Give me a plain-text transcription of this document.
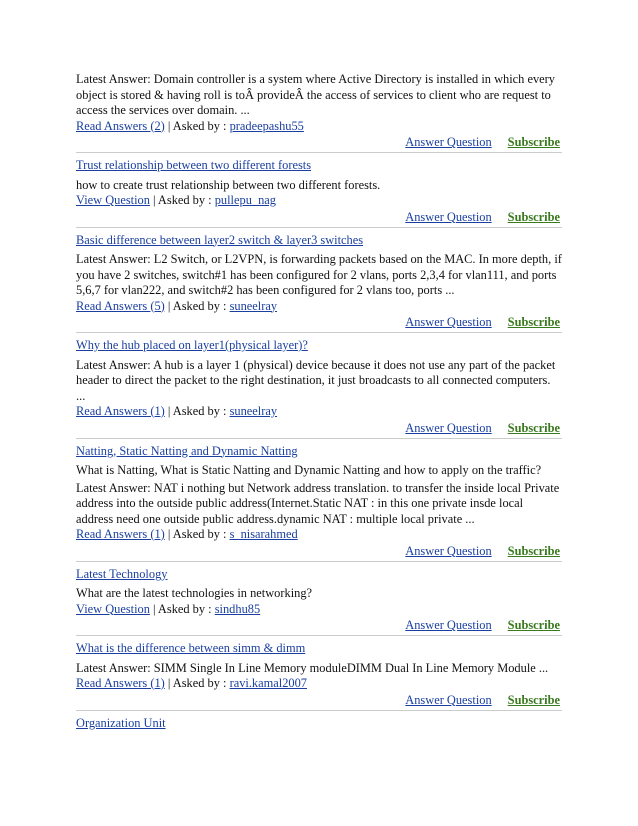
Latest Answer: Domain controller is a system where Active Directory is installed in which every object is stored & having roll is toÂ provideÂ the access of services to client who are request to access the services over domain. ...

Read Answers (2) | Asked by : pradeepashu55

Answer Question Subscribe
Trust relationship between two different forests

how to create trust relationship between two different forests.

View Question | Asked by : pullepu_nag

Answer Question Subscribe
Basic difference between layer2 switch & layer3 switches

Latest Answer: L2 Switch, or L2VPN, is forwarding packets based on the MAC. In more depth, if you have 2 switches, switch#1 has been configured for 2 vlans, ports 2,3,4 for vlan111, and ports 5,6,7 for vlan222, and switch#2 has been configured for 2 vlans too, ports ...

Read Answers (5) | Asked by : suneelray

Answer Question Subscribe
Why the hub placed on layer1(physical layer)?

Latest Answer: A hub is a layer 1 (physical) device because it does not use any part of the packet header to direct the packet to the right destination, it just broadcasts to all connected computers. ...

Read Answers (1) | Asked by : suneelray

Answer Question Subscribe
Natting, Static Natting and Dynamic Natting

What is Natting, What is Static Natting and Dynamic Natting and how to apply on the traffic?

Latest Answer: NAT i nothing but Network address translation. to transfer the inside local Private address into the outside public address(Internet.Static NAT : in this one private insde local address need one outside public address.dynamic NAT : multiple local private ...

Read Answers (1) | Asked by : s_nisarahmed

Answer Question Subscribe
Latest Technology

What are the latest technologies in networking?

View Question | Asked by : sindhu85

Answer Question Subscribe
What is the difference between simm & dimm

Latest Answer: SIMM Single In Line Memory moduleDIMM Dual In Line Memory Module ...

Read Answers (1) | Asked by : ravi.kamal2007

Answer Question Subscribe
Organization Unit
